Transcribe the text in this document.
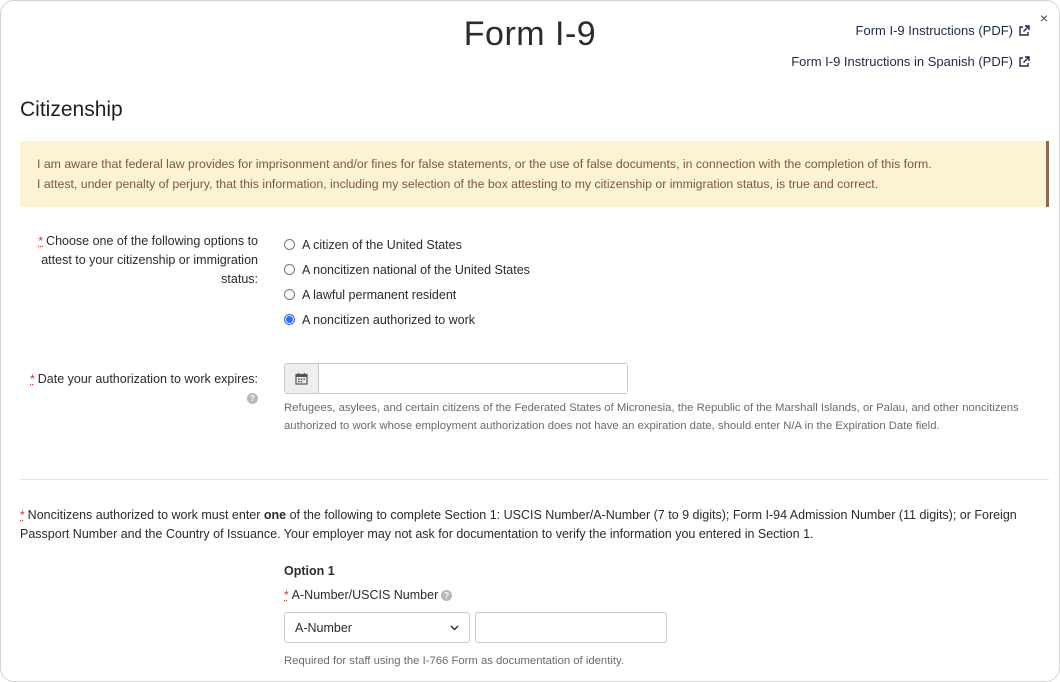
×
Form I-9	Form I-9 Instructions (PDF)
Form I-9 Instructions in Spanish (PDF)
Citizenship
I am aware that federal law provides for imprisonment and/or fines for false statements, or the use of false documents, in connection with the completion of this form.
I attest, under penalty of perjury, that this information, including my selection of the box attesting to my citizenship or immigration status, is true and correct.
* Choose one of the following options to attest to your citizenship or immigration status:
A citizen of the United States
A noncitizen national of the United States
A lawful permanent resident
A noncitizen authorized to work
* Date your authorization to work expires:?
Refugees, asylees, and certain citizens of the Federated States of Micronesia, the Republic of the Marshall Islands, or Palau, and other noncitizens authorized to work whose employment authorization does not have an expiration date, should enter N/A in the Expiration Date field.
* Noncitizens authorized to work must enter one of the following to complete Section 1: USCIS Number/A-Number (7 to 9 digits); Form I-94 Admission Number (11 digits); or Foreign Passport Number and the Country of Issuance. Your employer may not ask for documentation to verify the information you entered in Section 1.
Option 1
* A-Number/USCIS Number ?
A-Number
Required for staff using the I-766 Form as documentation of identity.
